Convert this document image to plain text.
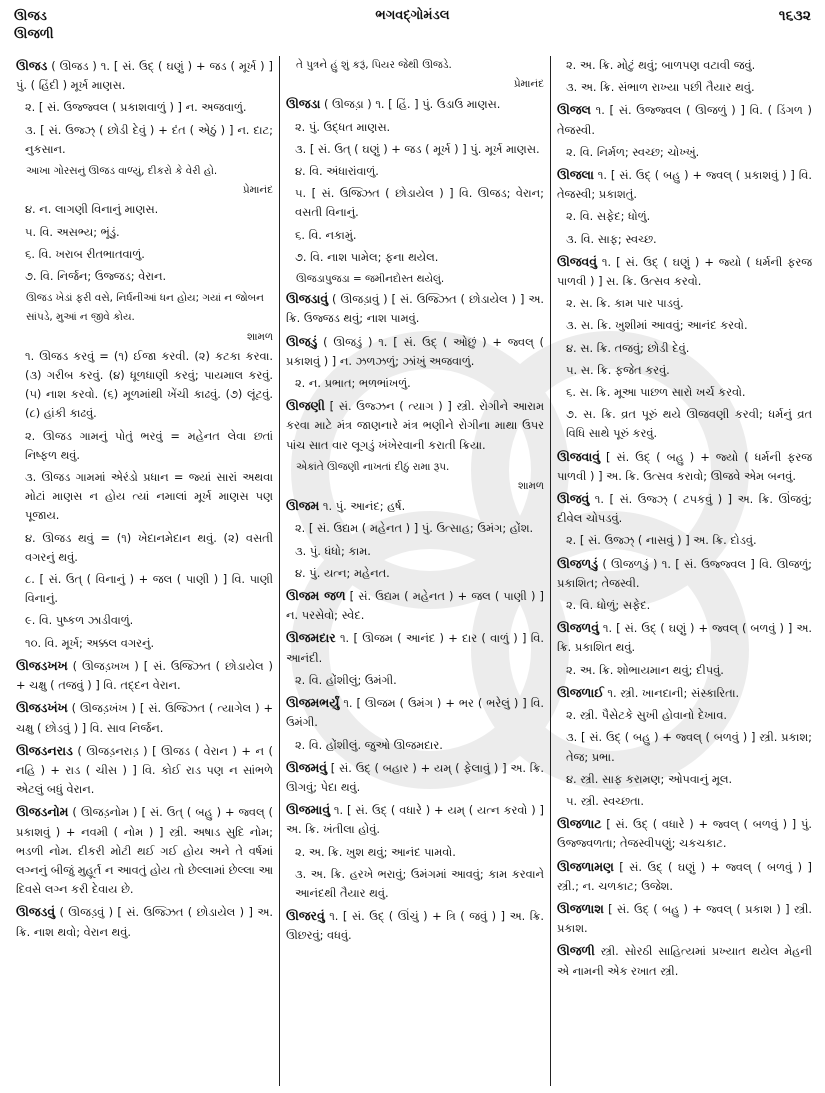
ઊજડ
ઊજળી
ભગવદ્ગોમંડલ	૧૬૩૨
ઊજડ ( ઊજડ ) ૧. [ સં. ઉદ્ ( ઘણું ) + જડ ( મૂર્ખ ) ] પું. ( હિંદી ) મૂર્ખ માણસ.
૨. [ સં. ઉજ્જ્વલ ( પ્રકાશવાળું ) ] ન. અજવાળું.
૩. [ સં. ઉજ્ઝ્ ( છોડી દેવું ) + દંત ( એઠું ) ] ન. દાટ; નુકસાન.
આખા ગોરસનું ઊજડ વાળ્યું, દીકરો કે વેરી હો.
પ્રેમાનંદ
૪. ન. લાગણી વિનાનું માણસ.
૫. વિ. અસભ્ય; ભૂંડું.
૬. વિ. ખરાબ રીતભાતવાળું.
૭. વિ. નિર્જન; ઉજ્જડ; વેરાન.
ઊજડ ખેડાં ફરી વસે, નિર્ધનીઆં ધન હોય; ગયાં ન જોબન સાંપડે, મુઆં ન જીવે કોય.
શામળ
૧. ઊજડ કરવું = (૧) ઈજા કરવી. (૨) કટકા કરવા. (૩) ગરીબ કરવું. (૪) ધૂળધાણી કરવું; પાયમાલ કરવું. (૫) નાશ કરવો. (૬) મૂળમાંથી ખેંચી કાઢવું. (૭) લૂંટવું. (૮) હાંકી કાઢવું.
૨. ઊજડ ગામનું પોતું ભરવું = મહેનત લેવા છતાં નિષ્ફળ થવું.
૩. ઊજડ ગામમાં એરંડો પ્રધાન = જ્યાં સારાં અથવા મોટાં માણસ ન હોય ત્યાં નમાલાં મૂર્ખ માણસ પણ પૂજાય.
૪. ઊજડ થવું = (૧) ખેદાનમેદાન થવું. (૨) વસતી વગરનું થવું.
૮. [ સં. ઉત્ ( વિનાનું ) + જલ ( પાણી ) ] વિ. પાણી વિનાનું.
૯. વિ. પુષ્કળ ઝાડીવાળું.
૧૦. વિ. મૂર્ખ; અક્કલ વગરનું.
ઊજડખખ ( ઊજડ઼ખખ ) [ સં. ઉજ્ઝિત ( છોડાયેલ ) + ચક્ષુ ( તજવું ) ] વિ. તદ્દન વેરાન.
ઊજડખંખ ( ઊજડ઼ખંખ ) [ સં. ઉજ્ઝિત ( ત્યાગેલ ) + ચક્ષુ ( છોડવું ) ] વિ. સાવ નિર્જન.
ઊજડનરાડ ( ઊજડ઼નરાડ઼ ) [ ઊજડ ( વેરાન ) + ન ( નહિ ) + રાડ ( ચીસ ) ] વિ. કોઈ રાડ પણ ન સાંભળે એટલું બધું વેરાન.
ઊજડનોમ ( ઊજડ઼નોમ ) [ સં. ઉત્ ( બહુ ) + જ્વલ્ ( પ્રકાશવું ) + નવમી ( નોમ ) ] સ્ત્રી. અષાડ સુદિ નોમ; ભડળી નોમ. દીકરી મોટી થઈ ગઈ હોય અને તે વર્ષમાં લગ્નનું બીજું મુહૂર્ત ન આવતું હોય તો છેલ્લામાં છેલ્લા આ દિવસે લગ્ન કરી દેવાય છે.
ઊજડવું ( ઊજડ઼વું ) [ સં. ઉજ્ઝિત ( છોડાયેલ ) ] અ. ક્રિ. નાશ થવો; વેરાન થવું.
તે પુત્રને હું શું કરૂં, પિયર જેથી ઊજડે.
પ્રેમાનંદ
ઊજડા ( ઊજડ઼ા ) ૧. [ હિં. ] પું. ઉડાઉ માણસ.
૨. પું. ઉદ્ધત માણસ.
૩. [ સં. ઉત્ ( ઘણું ) + જડ ( મૂર્ખ ) ] પું. મૂર્ખ માણસ.
૪. વિ. અંધારાંવાળું.
૫. [ સં. ઉજ્ઝિત ( છોડાયેલ ) ] વિ. ઊજડ; વેરાન; વસતી વિનાનું.
૬. વિ. નકામું.
૭. વિ. નાશ પામેલ; ફના થયેલ.
ઊજડાપુજડા = જમીનદોસ્ત થયેલું.
ઊજડાવું ( ઊજડ઼ાવું ) [ સં. ઉજ્ઝિત ( છોડાયેલ ) ] અ. ક્રિ. ઉજ્જડ થવું; નાશ પામવું.
ઊજડું ( ઊજડું ) ૧. [ સં. ઉદ્ ( ઓછું ) + જ્વલ્ ( પ્રકાશવું ) ] ન. ઝળઝળું; ઝાંખું અજવાળું.
૨. ન. પ્રભાત; ભળભાંખળું.
ઊજણી [ સં. ઉજ્ઝન ( ત્યાગ ) ] સ્ત્રી. રોગીને આરામ કરવા માટે મંત્ર જાણનારે મંત્ર ભણીને રોગીના માથા ઉપર પાંચ સાત વાર લૂગડું ખંખેરવાની કરાતી ક્રિયા.
એકાંતે ઊજણી નાખતાં દીઠું રામા રૂપ.
શામળ
ઊજમ ૧. પું. આનંદ; હર્ષ.
૨. [ સં. ઉદ્યમ ( મહેનત ) ] પું. ઉત્સાહ; ઉમંગ; હોંશ.
૩. પું. ધંધો; કામ.
૪. પું. યત્ન; મહેનત.
ઊજમ જળ [ સં. ઉદ્યમ ( મહેનત ) + જલ ( પાણી ) ] ન. પરસેવો; સ્વેદ.
ઊજમદાર ૧. [ ઊજમ ( આનંદ ) + દાર ( વાળું ) ] વિ. આનંદી.
૨. વિ. હોંશીલું; ઉમંગી.
ઊજમભર્યું ૧. [ ઊજમ ( ઉમંગ ) + ભર ( ભરેલું ) ] વિ. ઉમંગી.
૨. વિ. હોંશીલું. જુઓ ઊજમદાર.
ઊજમવું [ સં. ઉદ્ ( બહાર ) + યમ્ ( ફેલાવું ) ] અ. ક્રિ. ઊગવું; પેદા થવું.
ઊજમાવું ૧. [ સં. ઉદ્ ( વધારે ) + યમ્ ( યત્ન કરવો ) ] અ. ક્રિ. ખંતીલા હોવું.
૨. અ. ક્રિ. ખુશ થવું; આનંદ પામવો.
૩. અ. ક્રિ. હરખે ભરાવું; ઉમંગમાં આવવું; કામ કરવાને આનંદથી તૈયાર થવું.
ઊજરવું ૧. [ સં. ઉદ્ ( ઊંચું ) + ત્રિ ( જવું ) ] અ. ક્રિ. ઊછરવું; વધવું.
૨. અ. ક્રિ. મોટું થવું; બાળપણ વટાવી જવું.
૩. અ. ક્રિ. સંભાળ રાખ્યા પછી તૈયાર થવું.
ઊજલ ૧. [ સં. ઉજ્જ્વલ ( ઊજળું ) ] વિ. ( ડિંગળ ) તેજસ્વી.
૨. વિ. નિર્મળ; સ્વચ્છ; ચોખ્ખું.
ઊજલા ૧. [ સં. ઉદ્ ( બહુ ) + જ્વલ્ ( પ્રકાશવું ) ] વિ. તેજસ્વી; પ્રકાશતું.
૨. વિ. સફેદ; ધોળું.
૩. વિ. સાફ; સ્વચ્છ.
ઊજવવું ૧. [ સં. ઉદ્ ( ઘણું ) + જ્યો ( ધર્મની ફરજ પાળવી ) ] સ. ક્રિ. ઉત્સવ કરવો.
૨. સ. ક્રિ. કામ પાર પાડવું.
૩. સ. ક્રિ. ખુશીમાં આવવું; આનંદ કરવો.
૪. સ. ક્રિ. તજવું; છોડી દેવું.
૫. સ. ક્રિ. ફજેત કરવું.
૬. સ. ક્રિ. મૂઆ પાછળ સારો ખર્ચ કરવો.
૭. સ. ક્રિ. વ્રત પૂરું થયે ઊજવણી કરવી; ધર્મનું વ્રત વિધિ સાથે પૂરું કરવું.
ઊજવાવું [ સં. ઉદ્ ( બહુ ) + જ્યો ( ધર્મની ફરજ પાળવી ) ] અ. ક્રિ. ઉત્સવ કરાવો; ઊજવે એમ બનવું.
ઊજવું ૧. [ સં. ઉજ્ઝ્ ( ટપકવું ) ] અ. ક્રિ. ઊંજવું; દીવેલ ચોપડવું.
૨. [ સં. ઉજ્ઝ્ ( નાસવું ) ] અ. ક્રિ. દોડવું.
ઊજળડું ( ઊજળડું ) ૧. [ સં. ઉજ્જ્વલ ] વિ. ઊજળું; પ્રકાશિત; તેજસ્વી.
૨. વિ. ધોળું; સફેદ.
ઊજળવું ૧. [ સં. ઉદ્ ( ઘણું ) + જ્વલ્ ( બળવું ) ] અ. ક્રિ. પ્રકાશિત થવું.
૨. અ. ક્રિ. શોભાયમાન થવું; દીપવું.
ઊજળાઈ ૧. સ્ત્રી. ખાનદાની; સંસ્કારિતા.
૨. સ્ત્રી. પૈસેટકે સુખી હોવાનો દેખાવ.
૩. [ સં. ઉદ્ ( બહુ ) + જ્વલ્ ( બળવું ) ] સ્ત્રી. પ્રકાશ; તેજ; પ્રભા.
૪. સ્ત્રી. સાફ કરામણ; ઓપવાનું મૂલ.
૫. સ્ત્રી. સ્વચ્છતા.
ઊજળાટ [ સં. ઉદ્ ( વધારે ) + જ્વલ્ ( બળવું ) ] પું. ઉજ્જ્વળતા; તેજસ્વીપણું; ચકચકાટ.
ઊજળામણ [ સં. ઉદ્ ( ઘણું ) + જ્વલ્ ( બળવું ) ] સ્ત્રી.; ન. ચળકાટ; ઉજેશ.
ઊજળાશ [ સં. ઉદ્ ( બહુ ) + જ્વલ્ ( પ્રકાશ ) ] સ્ત્રી. પ્રકાશ.
ઊજળી સ્ત્રી. સોરઠી સાહિત્યમાં પ્રખ્યાત થયેલ મેહની એ નામની એક રખાત સ્ત્રી.
